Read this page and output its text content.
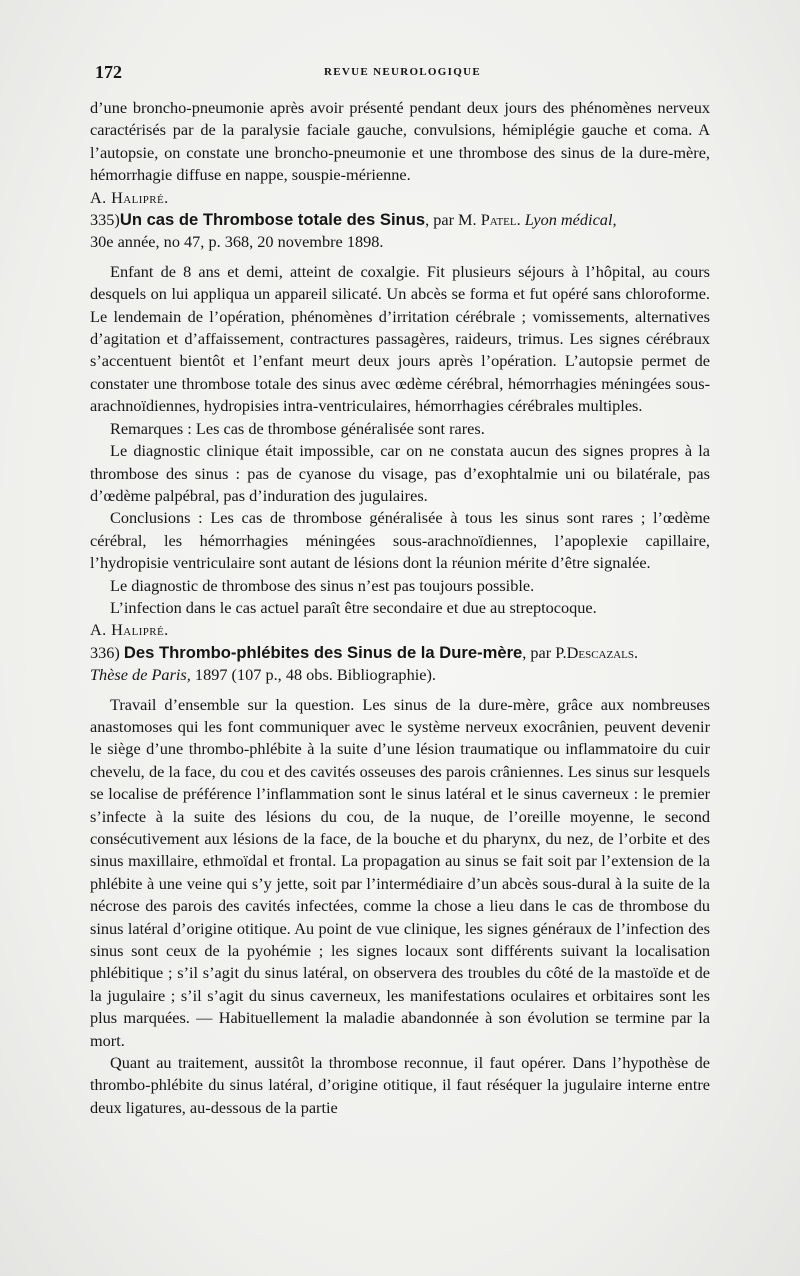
172	REVUE NEUROLOGIQUE

d’une broncho-pneumonie après avoir présenté pendant deux jours des phénomènes nerveux caractérisés par de la paralysie faciale gauche, convulsions, hémiplégie gauche et coma. A l’autopsie, on constate une broncho-pneumonie et une thrombose des sinus de la dure-mère, hémorrhagie diffuse en nappe, souspie-mérienne.

A. Halipré.

335)Un cas de Thrombose totale des Sinus, par M. Patel. Lyon médical,

30e année, no 47, p. 368, 20 novembre 1898.

Enfant de 8 ans et demi, atteint de coxalgie. Fit plusieurs séjours à l’hôpital, au cours desquels on lui appliqua un appareil silicaté. Un abcès se forma et fut opéré sans chloroforme. Le lendemain de l’opération, phénomènes d’irritation cérébrale ; vomissements, alternatives d’agitation et d’affaissement, contractures passagères, raideurs, trimus. Les signes cérébraux s’accentuent bientôt et l’enfant meurt deux jours après l’opération. L’autopsie permet de constater une thrombose totale des sinus avec œdème cérébral, hémorrhagies méningées sous-arachnoïdiennes, hydropisies intra-ventriculaires, hémorrhagies cérébrales multiples.

Remarques : Les cas de thrombose généralisée sont rares.

Le diagnostic clinique était impossible, car on ne constata aucun des signes propres à la thrombose des sinus : pas de cyanose du visage, pas d’exophtalmie uni ou bilatérale, pas d’œdème palpébral, pas d’induration des jugulaires.

Conclusions : Les cas de thrombose généralisée à tous les sinus sont rares ; l’œdème cérébral, les hémorrhagies méningées sous-arachnoïdiennes, l’apoplexie capillaire, l’hydropisie ventriculaire sont autant de lésions dont la réunion mérite d’être signalée.

Le diagnostic de thrombose des sinus n’est pas toujours possible.

L’infection dans le cas actuel paraît être secondaire et due au streptocoque.

A. Halipré.

336) Des Thrombo-phlébites des Sinus de la Dure-mère, par P.Descazals.

Thèse de Paris, 1897 (107 p., 48 obs. Bibliographie).

Travail d’ensemble sur la question. Les sinus de la dure-mère, grâce aux nombreuses anastomoses qui les font communiquer avec le système nerveux exocrânien, peuvent devenir le siège d’une thrombo-phlébite à la suite d’une lésion traumatique ou inflammatoire du cuir chevelu, de la face, du cou et des cavités osseuses des parois crâniennes. Les sinus sur lesquels se localise de préférence l’inflammation sont le sinus latéral et le sinus caverneux : le premier s’infecte à la suite des lésions du cou, de la nuque, de l’oreille moyenne, le second consécutivement aux lésions de la face, de la bouche et du pharynx, du nez, de l’orbite et des sinus maxillaire, ethmoïdal et frontal. La propagation au sinus se fait soit par l’extension de la phlébite à une veine qui s’y jette, soit par l’intermédiaire d’un abcès sous-dural à la suite de la nécrose des parois des cavités infectées, comme la chose a lieu dans le cas de thrombose du sinus latéral d’origine otitique. Au point de vue clinique, les signes généraux de l’infection des sinus sont ceux de la pyohémie ; les signes locaux sont différents suivant la localisation phlébitique ; s’il s’agit du sinus latéral, on observera des troubles du côté de la mastoïde et de la jugulaire ; s’il s’agit du sinus caverneux, les manifestations oculaires et orbitaires sont les plus marquées. — Habituellement la maladie abandonnée à son évolution se termine par la mort.

Quant au traitement, aussitôt la thrombose reconnue, il faut opérer. Dans l’hypothèse de thrombo-phlébite du sinus latéral, d’origine otitique, il faut réséquer la jugulaire interne entre deux ligatures, au-dessous de la partie
